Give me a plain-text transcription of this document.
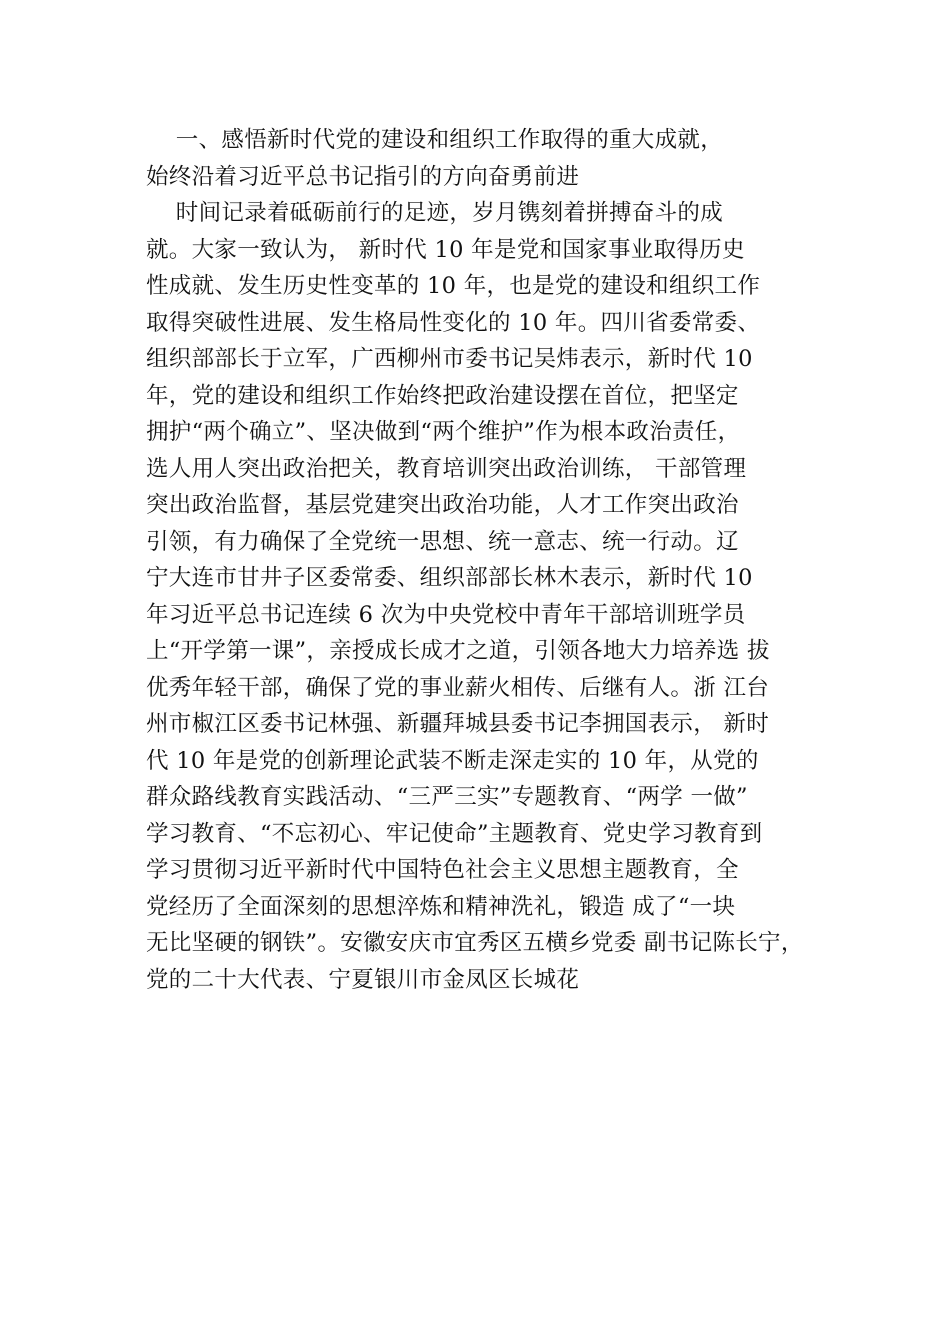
一、感悟新时代党的建设和组织工作取得的重大成就，
始终沿着习近平总书记指引的方向奋勇前进
时间记录着砥砺前行的足迹，岁月镌刻着拼搏奋斗的成
就。大家一致认为， 新时代 10 年是党和国家事业取得历史
性成就、发生历史性变革的 10 年，也是党的建设和组织工作
取得突破性进展、发生格局性变化的 10 年。四川省委常委、
组织部部长于立军，广西柳州市委书记吴炜表示，新时代 10
年，党的建设和组织工作始终把政治建设摆在首位，把坚定
拥护“两个确立”、坚决做到“两个维护”作为根本政治责任，
选人用人突出政治把关，教育培训突出政治训练， 干部管理
突出政治监督，基层党建突出政治功能，人才工作突出政治
引领，有力确保了全党统一思想、统一意志、统一行动。辽
宁大连市甘井子区委常委、组织部部长林木表示，新时代 10
年习近平总书记连续 6 次为中央党校中青年干部培训班学员
上“开学第一课”，亲授成长成才之道，引领各地大力培养选 拔
优秀年轻干部，确保了党的事业薪火相传、后继有人。浙 江台
州市椒江区委书记林强、新疆拜城县委书记李拥国表示， 新时
代 10 年是党的创新理论武装不断走深走实的 10 年，从党的
群众路线教育实践活动、“三严三实”专题教育、“两学 一做”
学习教育、“不忘初心、牢记使命”主题教育、党史学习教育到
学习贯彻习近平新时代中国特色社会主义思想主题教育，全
党经历了全面深刻的思想淬炼和精神洗礼，锻造 成了“一块
无比坚硬的钢铁”。安徽安庆市宜秀区五横乡党委 副书记陈长宁，
党的二十大代表、宁夏银川市金凤区长城花
